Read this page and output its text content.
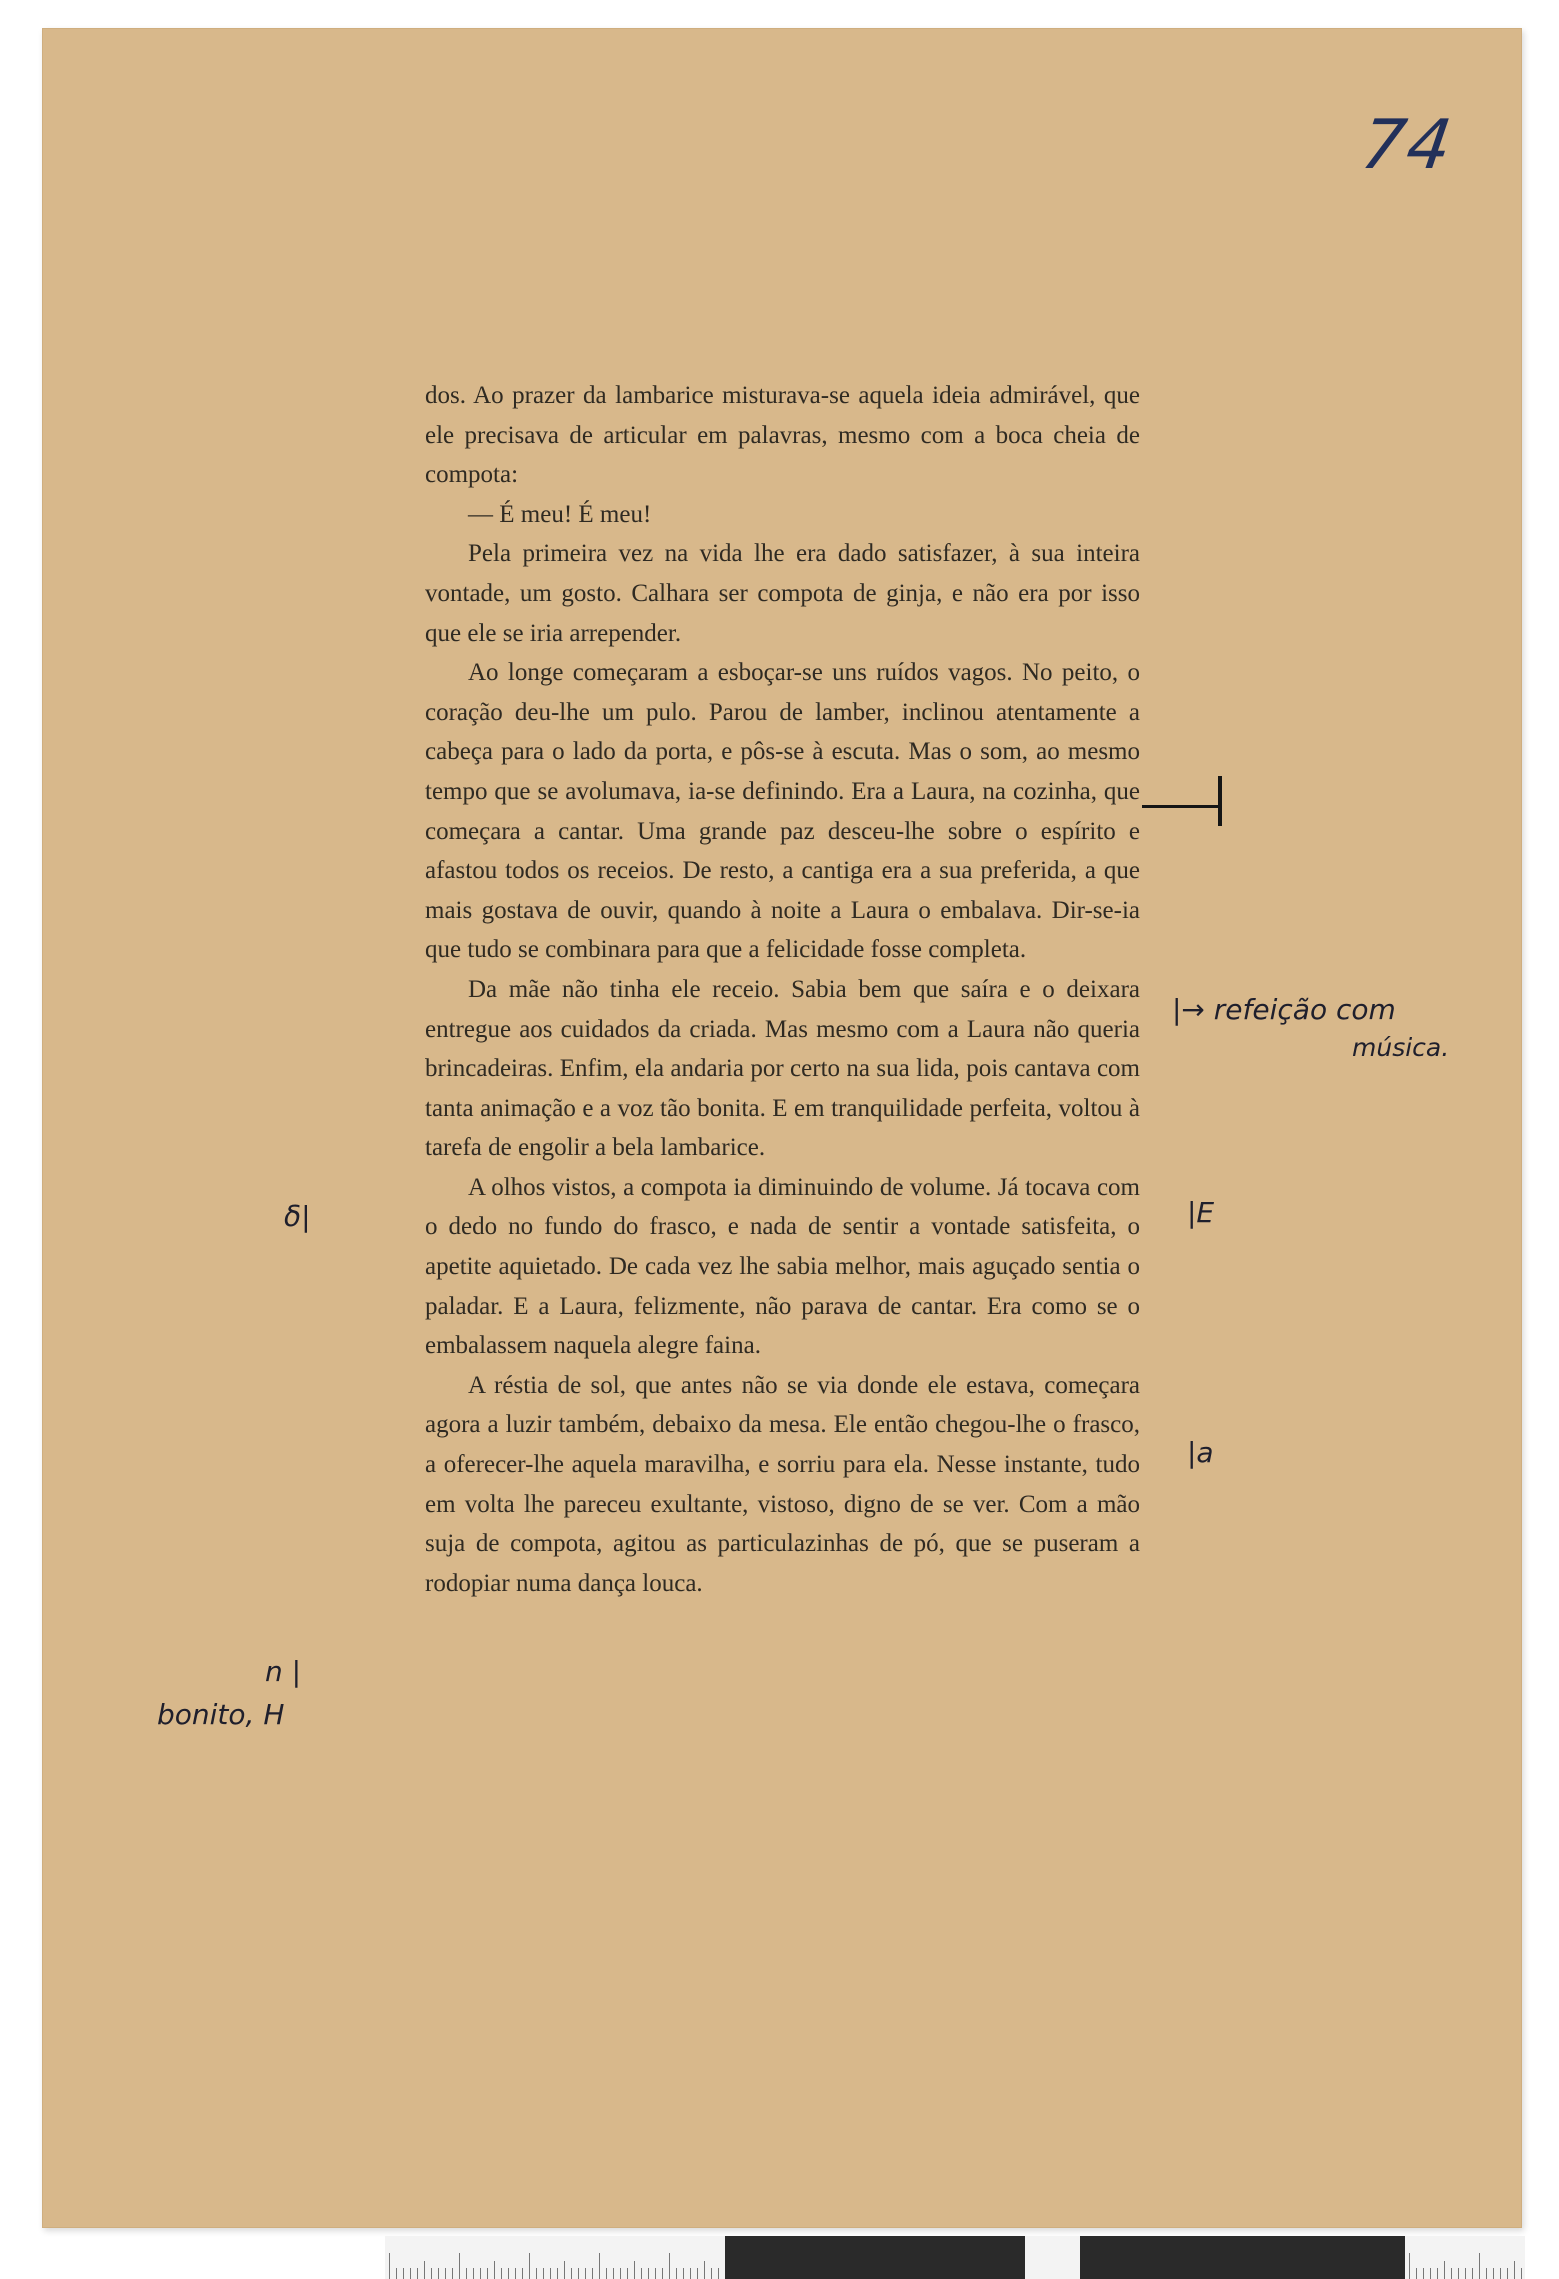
74

dos. Ao prazer da lambarice misturava-se aquela ideia admirável, que ele precisava de articular em palavras, mesmo com a boca cheia de compota:

— É meu! É meu!

Pela primeira vez na vida lhe era dado satisfazer, à sua inteira vontade, um gosto. Calhara ser compota de ginja, e não era por isso que ele se iria arrepender.

Ao longe começaram a esboçar-se uns ruídos vagos. No peito, o coração deu-lhe um pulo. Parou de lamber, inclinou atentamente a cabeça para o lado da porta, e pôs-se à escuta. Mas o som, ao mesmo tempo que se avolumava, ia-se definindo. Era a Laura, na cozinha, que começara a cantar. Uma grande paz desceu-lhe sobre o espírito e afastou todos os receios. De resto, a cantiga era a sua preferida, a que mais gostava de ouvir, quando à noite a Laura o embalava. Dir-se-ia que tudo se combinara para que a felicidade fosse completa.

Da mãe não tinha ele receio. Sabia bem que saíra e o deixara entregue aos cuidados da criada. Mas mesmo com a Laura não queria brincadeiras. Enfim, ela andaria por certo na sua lida, pois cantava com tanta animação e a voz tão bonita. E em tranquilidade perfeita, voltou à tarefa de engolir a bela lambarice.

A olhos vistos, a compota ia diminuindo de volume. Já tocava com o dedo no fundo do frasco, e nada de sentir a vontade satisfeita, o apetite aquietado. De cada vez lhe sabia melhor, mais aguçado sentia o paladar. E a Laura, felizmente, não parava de cantar. Era como se o embalassem naquela alegre faina.

A réstia de sol, que antes não se via donde ele estava, começara agora a luzir também, debaixo da mesa. Ele então chegou-lhe o frasco, a oferecer-lhe aquela maravilha, e sorriu para ela. Nesse instante, tudo em volta lhe pareceu exultante, vistoso, digno de se ver. Com a mão suja de compota, agitou as particulazinhas de pó, que se puseram a rodopiar numa dança louca.

|→ refeição com
música.
|E
|a
δ|
n |
bonito, H
